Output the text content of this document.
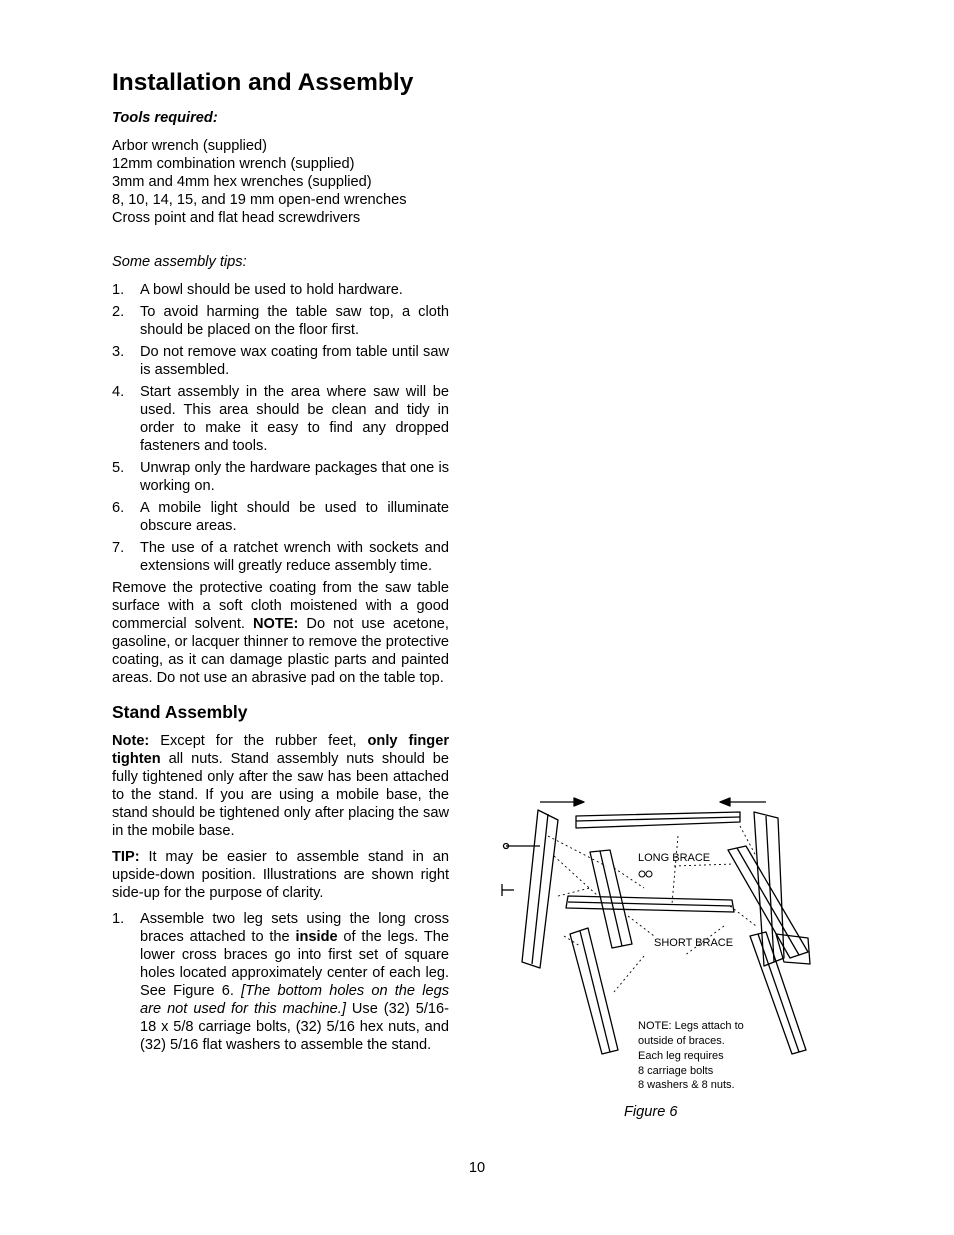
Installation and Assembly
Tools required:
Arbor wrench (supplied)
12mm combination wrench (supplied)
3mm and 4mm hex wrenches (supplied)
8, 10, 14, 15, and 19 mm open-end wrenches
Cross point and flat head screwdrivers
Some assembly tips:
1. A bowl should be used to hold hardware.
2. To avoid harming the table saw top, a cloth should be placed on the floor first.
3. Do not remove wax coating from table until saw is assembled.
4. Start assembly in the area where saw will be used. This area should be clean and tidy in order to make it easy to find any dropped fasteners and tools.
5. Unwrap only the hardware packages that one is working on.
6. A mobile light should be used to illuminate obscure areas.
7. The use of a ratchet wrench with sockets and extensions will greatly reduce assembly time.

Remove the protective coating from the saw table surface with a soft cloth moistened with a good commercial solvent. NOTE: Do not use acetone, gasoline, or lacquer thinner to remove the protective coating, as it can damage plastic parts and painted areas. Do not use an abrasive pad on the table top.

Stand Assembly

Note: Except for the rubber feet, only finger tighten all nuts. Stand assembly nuts should be fully tightened only after the saw has been attached to the stand. If you are using a mobile base, the stand should be tightened only after placing the saw in the mobile base.

TIP: It may be easier to assemble stand in an upside-down position. Illustrations are shown right side-up for the purpose of clarity.

1. Assemble two leg sets using the long cross braces attached to the inside of the legs. The lower cross braces go into first set of square holes located approximately center of each leg. See Figure 6. [The bottom holes on the legs are not used for this machine.] Use (32) 5/16-18 x 5/8 carriage bolts, (32) 5/16 hex nuts, and (32) 5/16 flat washers to assemble the stand.
LONG BRACE
SHORT BRACE
NOTE: Legs attach to
outside of braces.
Each leg requires
8 carriage bolts
8 washers & 8 nuts.
Figure 6
10
